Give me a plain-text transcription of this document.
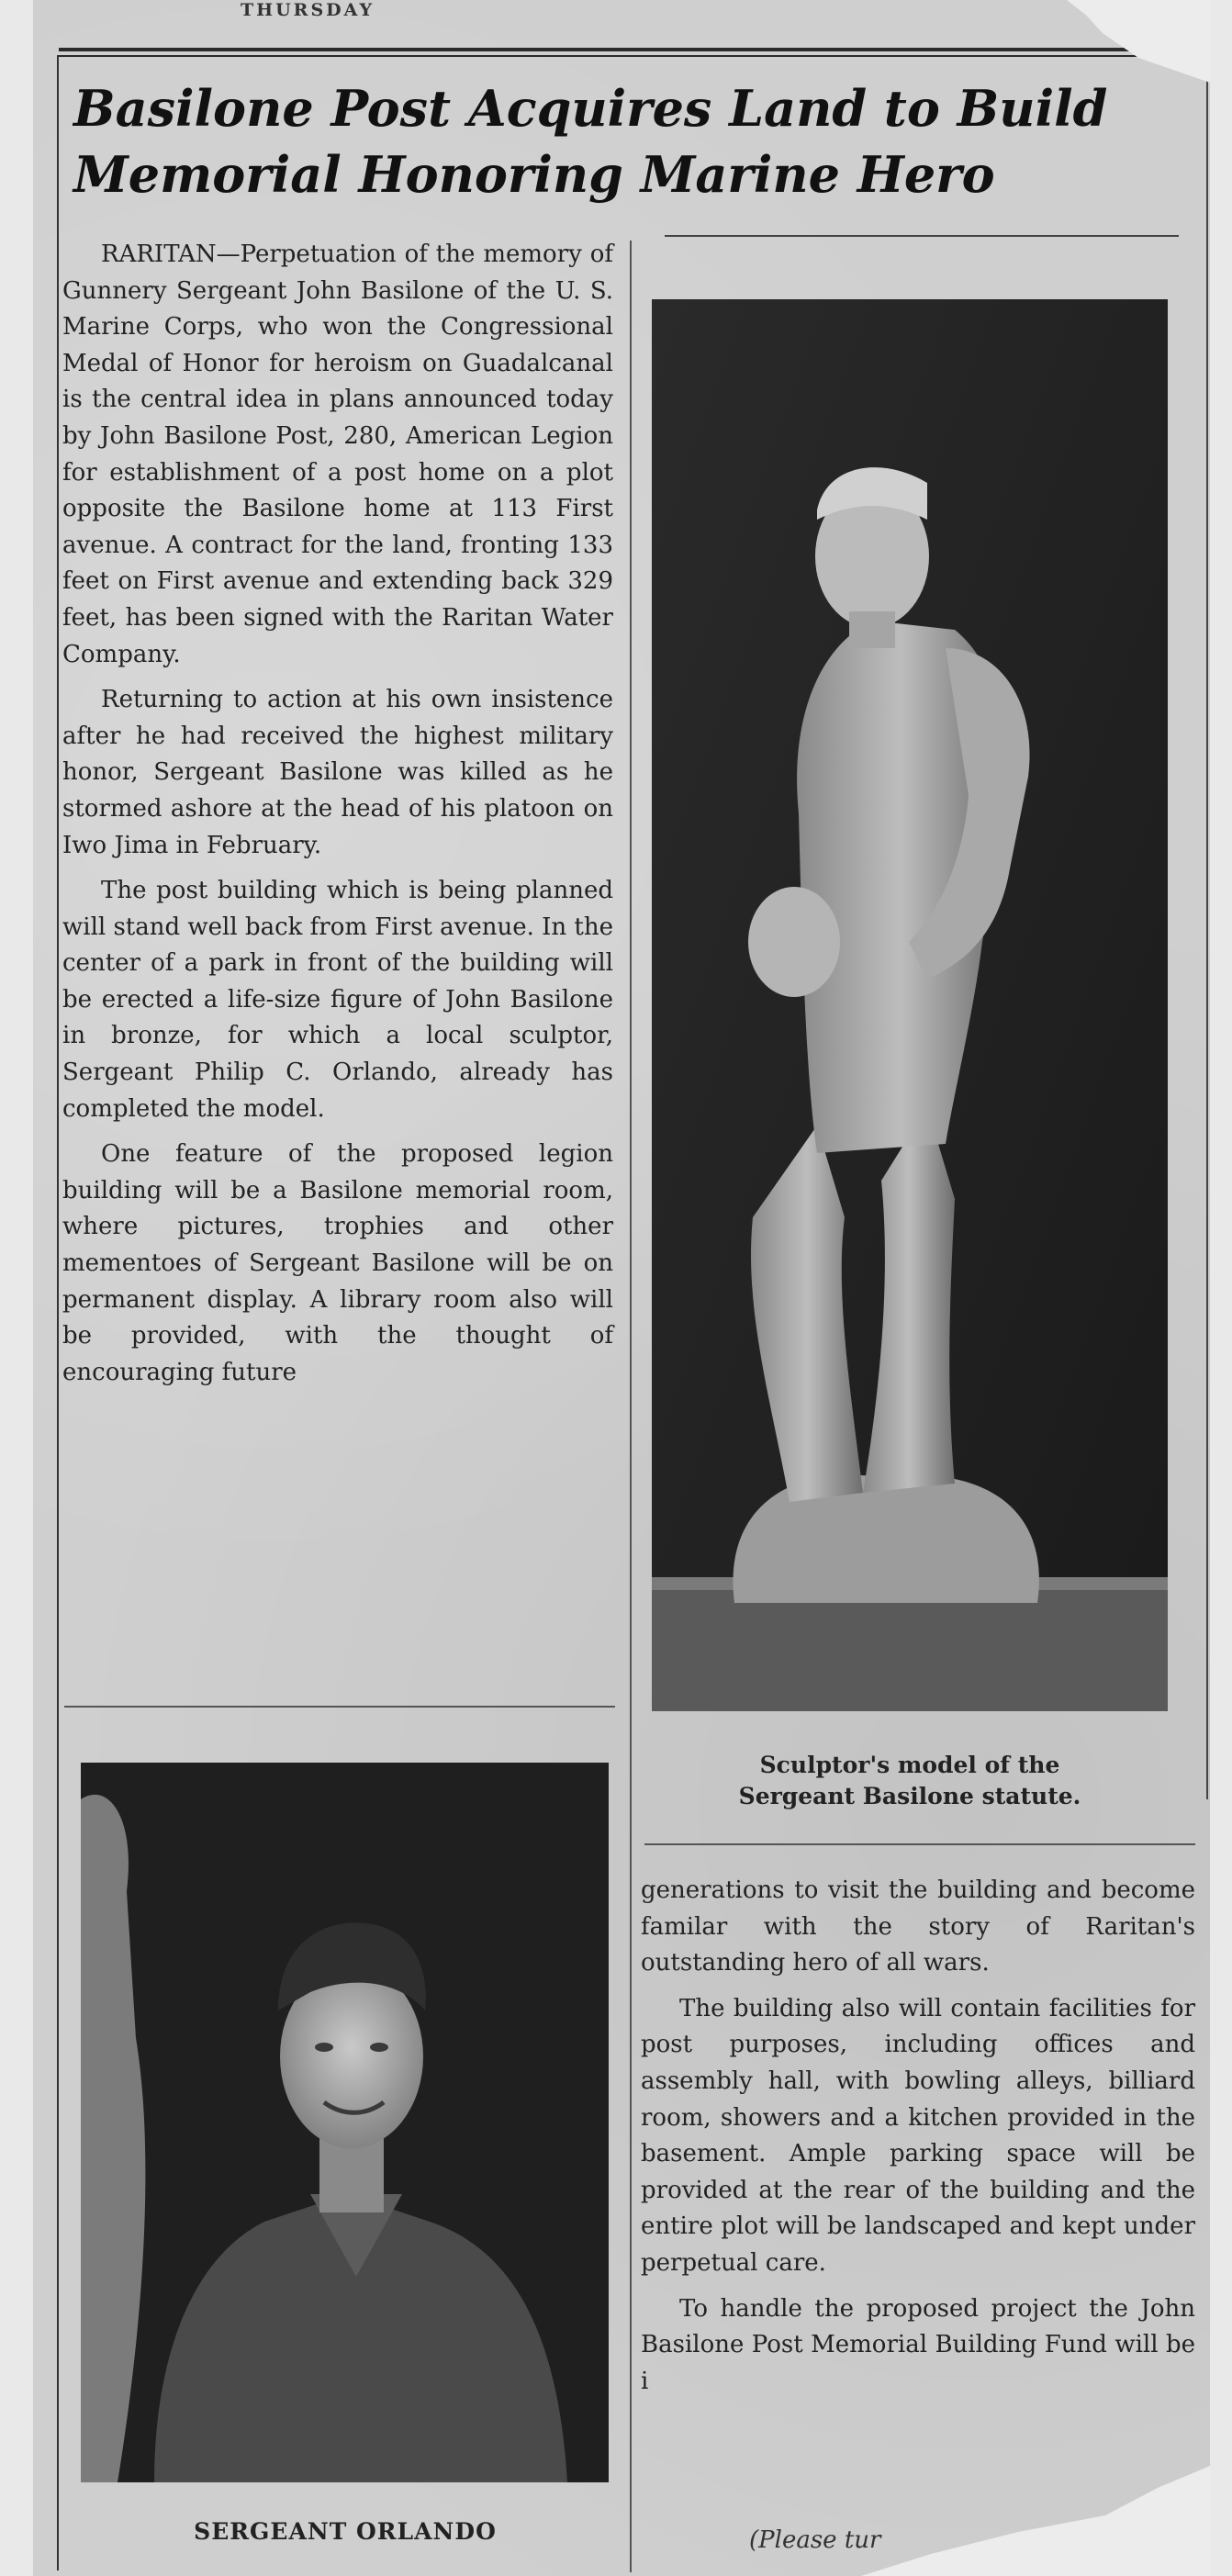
THURSDAY
Basilone Post Acquires Land to Build Memorial Honoring Marine Hero

RARITAN—Perpetuation of the memory of Gunnery Sergeant John Basilone of the U. S. Marine Corps, who won the Congressional Medal of Honor for heroism on Guadalcanal is the central idea in plans announced today by John Basilone Post, 280, American Legion for establishment of a post home on a plot opposite the Basilone home at 113 First avenue. A contract for the land, fronting 133 feet on First avenue and extending back 329 feet, has been signed with the Raritan Water Company.

Returning to action at his own insistence after he had received the highest military honor, Sergeant Basilone was killed as he stormed ashore at the head of his platoon on Iwo Jima in February.

The post building which is being planned will stand well back from First avenue. In the center of a park in front of the building will be erected a life-size figure of John Basilone in bronze, for which a local sculptor, Sergeant Philip C. Orlando, already has completed the model.

One feature of the proposed legion building will be a Basilone memorial room, where pictures, trophies and other mementoes of Sergeant Basilone will be on permanent display. A library room also will be provided, with the thought of encouraging future

Sculptor's model of the
Sergeant Basilone statute.
SERGEANT ORLANDO

generations to visit the building and become familar with the story of Raritan's outstanding hero of all wars.

The building also will contain facilities for post purposes, including offices and assembly hall, with bowling alleys, billiard room, showers and a kitchen provided in the basement. Ample parking space will be provided at the rear of the building and the entire plot will be landscaped and kept under perpetual care.

To handle the proposed project the John Basilone Post Memorial Building Fund will be i

(Please tur
